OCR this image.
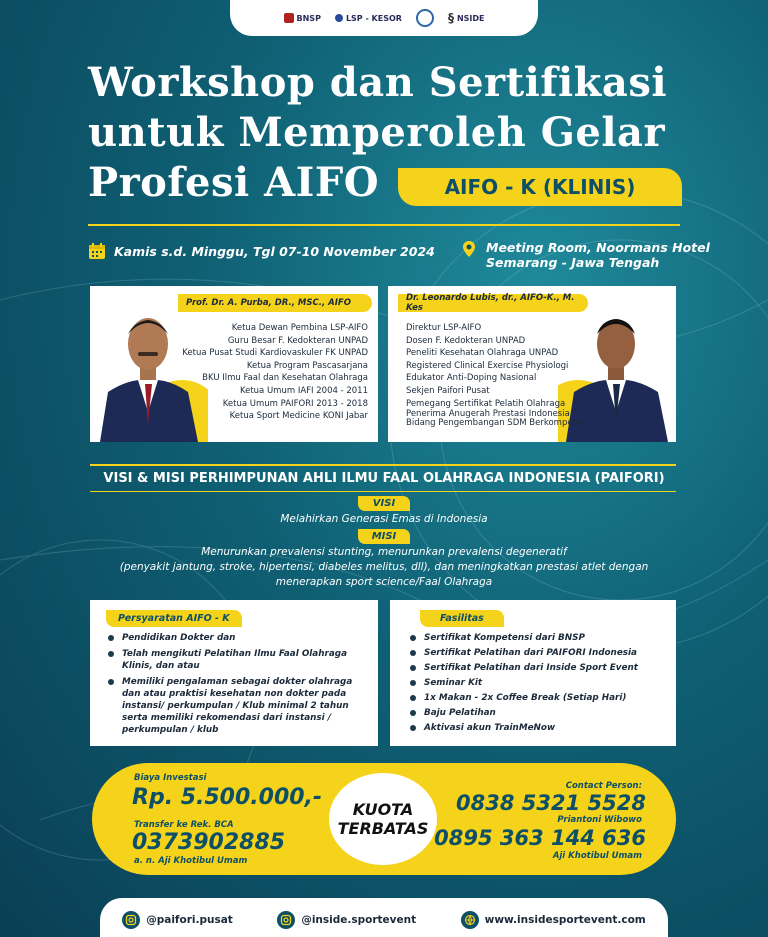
BNSP	LSP - KESOR	§ NSIDE
Workshop dan Sertifikasi
untuk Memperoleh Gelar
Profesi AIFO	AIFO - K (KLINIS)
Kamis s.d. Minggu, Tgl 07-10 November 2024	Meeting Room, Noormans Hotel
Semarang - Jawa Tengah
Prof. Dr. A. Purba, DR., MSC., AIFO
Ketua Dewan Pembina LSP-AIFO
Guru Besar F. Kedokteran UNPAD
Ketua Pusat Studi Kardiovaskuler FK UNPAD
Ketua Program Pascasarjana
BKU Ilmu Faal dan Kesehatan Olahraga
Ketua Umum IAFI 2004 - 2011
Ketua Umum PAIFORI 2013 - 2018
Ketua Sport Medicine KONI Jabar
Dr. Leonardo Lubis, dr., AIFO-K., M. Kes
Direktur LSP-AIFO
Dosen F. Kedokteran UNPAD
Peneliti Kesehatan Olahraga UNPAD
Registered Clinical Exercise Physiologi
Edukator Anti-Doping Nasional
Sekjen Paifori Pusat
Pemegang Sertifikat Pelatih Olahraga
Penerima Anugerah Prestasi Indonesia
Bidang Pengembangan SDM Berkompeten
VISI & MISI PERHIMPUNAN AHLI ILMU FAAL OLAHRAGA INDONESIA (PAIFORI)
VISI
Melahirkan Generasi Emas di Indonesia
MISI
Menurunkan prevalensi stunting, menurunkan prevalensi degeneratif
(penyakit jantung, stroke, hipertensi, diabeles melitus, dll), dan meningkatkan prestasi atlet dengan
menerapkan sport science/Faal Olahraga
Persyaratan AIFO - K
Pendidikan Dokter dan
Telah mengikuti Pelatihan Ilmu Faal Olahraga Klinis, dan atau
Memiliki pengalaman sebagai dokter olahraga dan atau praktisi kesehatan non dokter pada instansi/ perkumpulan / Klub minimal 2 tahun serta memiliki rekomendasi dari instansi / perkumpulan / klub
Fasilitas
Sertifikat Kompetensi dari BNSP
Sertifikat Pelatihan dari PAIFORI Indonesia
Sertifikat Pelatihan dari Inside Sport Event
Seminar Kit
1x Makan - 2x Coffee Break (Setiap Hari)
Baju Pelatihan
Aktivasi akun TrainMeNow
Biaya Investasi
Rp. 5.500.000,-
Transfer ke Rek. BCA
0373902885
a. n. Aji Khotibul Umam
KUOTA
TERBATAS
Contact Person:
0838 5321 5528
Priantoni Wibowo
0895 363 144 636
Aji Khotibul Umam
@paifori.pusat	@inside.sportevent	www.insidesportevent.com
